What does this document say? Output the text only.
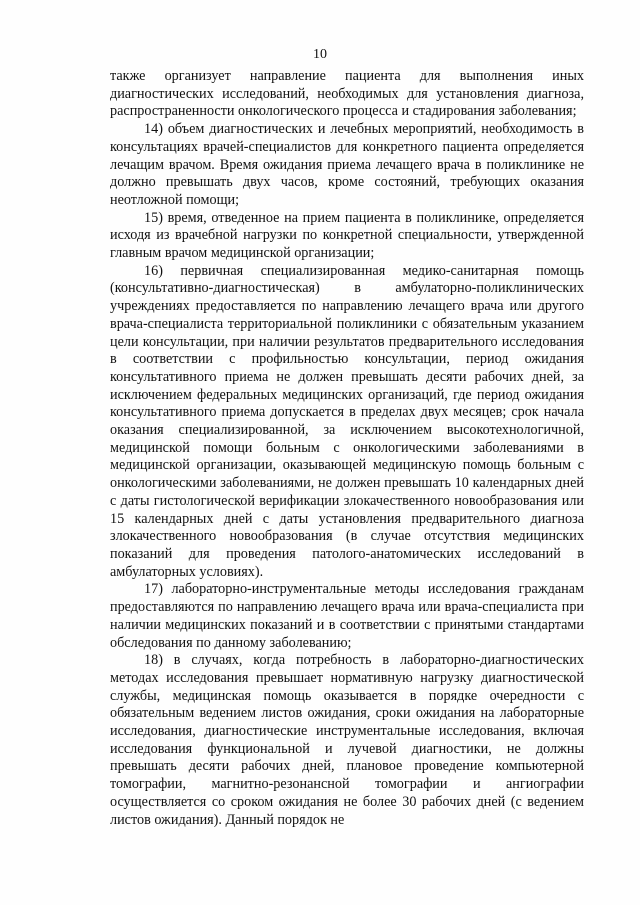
10

также организует направление пациента для выполнения иных диагностических исследований, необходимых для установления диагноза, распространенности онкологического процесса и стадирования заболевания;

14) объем диагностических и лечебных мероприятий, необходимость в консультациях врачей-специалистов для конкретного пациента определяется лечащим врачом. Время ожидания приема лечащего врача в поликлинике не должно превышать двух часов, кроме состояний, требующих оказания неотложной помощи;

15) время, отведенное на прием пациента в поликлинике, определяется исходя из врачебной нагрузки по конкретной специальности, утвержденной главным врачом медицинской организации;

16) первичная специализированная медико-санитарная помощь (консультативно-диагностическая) в амбулаторно-поликлинических учреждениях предоставляется по направлению лечащего врача или другого врача-специалиста территориальной поликлиники с обязательным указанием цели консультации, при наличии результатов предварительного исследования в соответствии с профильностью консультации, период ожидания консультативного приема не должен превышать десяти рабочих дней, за исключением федеральных медицинских организаций, где период ожидания консультативного приема допускается в пределах двух месяцев; срок начала оказания специализированной, за исключением высокотехнологичной, медицинской помощи больным с онкологическими заболеваниями в медицинской организации, оказывающей медицинскую помощь больным с онкологическими заболеваниями, не должен превышать 10 календарных дней с даты гистологической верификации злокачественного новообразования или 15 календарных дней с даты установления предварительного диагноза злокачественного новообразования (в случае отсутствия медицинских показаний для проведения патолого-анатомических исследований в амбулаторных условиях).

17) лабораторно-инструментальные методы исследования гражданам предоставляются по направлению лечащего врача или врача-специалиста при наличии медицинских показаний и в соответствии с принятыми стандартами обследования по данному заболеванию;

18) в случаях, когда потребность в лабораторно-диагностических методах исследования превышает нормативную нагрузку диагностической службы, медицинская помощь оказывается в порядке очередности с обязательным ведением листов ожидания, сроки ожидания на лабораторные исследования, диагностические инструментальные исследования, включая исследования функциональной и лучевой диагностики, не должны превышать десяти рабочих дней, плановое проведение компьютерной томографии, магнитно-резонансной томографии и ангиографии осуществляется со сроком ожидания не более 30 рабочих дней (с ведением листов ожидания). Данный порядок не
